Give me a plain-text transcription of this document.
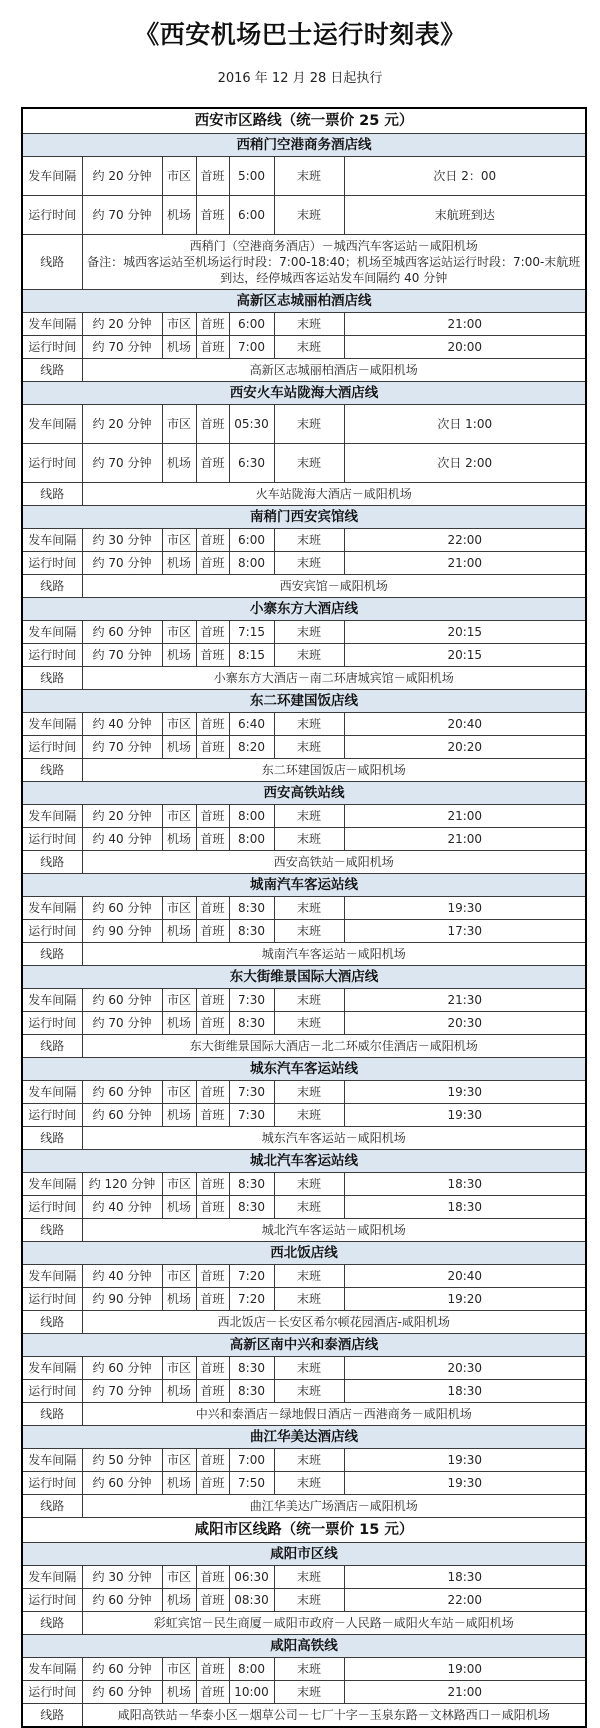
《西安机场巴士运行时刻表》
2016 年 12 月 28 日起执行
西安市区路线（统一票价 25 元）						
西稍门空港商务酒店线						
发车间隔	约 20 分钟	市区	首班	5:00	末班	次日 2：00
运行时间	约 70 分钟	机场	首班	6:00	末班	末航班到达
线路	西稍门（空港商务酒店）－城西汽车客运站－咸阳机场
备注：城西客运站至机场运行时段：7:00-18:40；机场至城西客运站运行时段：7:00-末航班到达，经停城西客运站发车间隔约 40 分钟					

高新区志城丽柏酒店线						
发车间隔	约 20 分钟	市区	首班	6:00	末班	21:00
运行时间	约 70 分钟	机场	首班	7:00	末班	20:00
线路	高新区志城丽柏酒店－咸阳机场					

西安火车站陇海大酒店线						
发车间隔	约 20 分钟	市区	首班	05:30	末班	次日 1:00
运行时间	约 70 分钟	机场	首班	6:30	末班	次日 2:00
线路	火车站陇海大酒店－咸阳机场					

南稍门西安宾馆线						
发车间隔	约 30 分钟	市区	首班	6:00	末班	22:00
运行时间	约 70 分钟	机场	首班	8:00	末班	21:00
线路	西安宾馆－咸阳机场					

小寨东方大酒店线						
发车间隔	约 60 分钟	市区	首班	7:15	末班	20:15
运行时间	约 70 分钟	机场	首班	8:15	末班	20:15
线路	小寨东方大酒店－南二环唐城宾馆－咸阳机场					

东二环建国饭店线						
发车间隔	约 40 分钟	市区	首班	6:40	末班	20:40
运行时间	约 70 分钟	机场	首班	8:20	末班	20:20
线路	东二环建国饭店－咸阳机场					

西安高铁站线						
发车间隔	约 20 分钟	市区	首班	8:00	末班	21:00
运行时间	约 40 分钟	机场	首班	8:00	末班	21:00
线路	西安高铁站－咸阳机场					

城南汽车客运站线						
发车间隔	约 60 分钟	市区	首班	8:30	末班	19:30
运行时间	约 90 分钟	机场	首班	8:30	末班	17:30
线路	城南汽车客运站－咸阳机场					

东大街维景国际大酒店线						
发车间隔	约 60 分钟	市区	首班	7:30	末班	21:30
运行时间	约 70 分钟	机场	首班	8:30	末班	20:30
线路	东大街维景国际大酒店－北二环威尔佳酒店－咸阳机场					

城东汽车客运站线						
发车间隔	约 60 分钟	市区	首班	7:30	末班	19:30
运行时间	约 60 分钟	机场	首班	7:30	末班	19:30
线路	城东汽车客运站－咸阳机场					

城北汽车客运站线						
发车间隔	约 120 分钟	市区	首班	8:30	末班	18:30
运行时间	约 40 分钟	机场	首班	8:30	末班	18:30
线路	城北汽车客运站－咸阳机场					

西北饭店线						
发车间隔	约 40 分钟	市区	首班	7:20	末班	20:40
运行时间	约 90 分钟	机场	首班	7:20	末班	19:20
线路	西北饭店－长安区希尔顿花园酒店-咸阳机场					

高新区南中兴和泰酒店线						
发车间隔	约 60 分钟	市区	首班	8:30	末班	20:30
运行时间	约 70 分钟	机场	首班	8:30	末班	18:30
线路	中兴和泰酒店－绿地假日酒店－西港商务－咸阳机场					

曲江华美达酒店线						
发车间隔	约 50 分钟	市区	首班	7:00	末班	19:30
运行时间	约 60 分钟	机场	首班	7:50	末班	19:30
线路	曲江华美达广场酒店－咸阳机场					

咸阳市区线路（统一票价 15 元）						
咸阳市区线						
发车间隔	约 30 分钟	市区	首班	06:30	末班	18:30
运行时间	约 60 分钟	机场	首班	08:30	末班	22:00
线路	彩虹宾馆－民生商厦－咸阳市政府－人民路－咸阳火车站－咸阳机场					

咸阳高铁线						
发车间隔	约 60 分钟	市区	首班	8:00	末班	19:00
运行时间	约 60 分钟	机场	首班	10:00	末班	21:00
线路	咸阳高铁站－华泰小区－烟草公司－七厂十字－玉泉东路－文林路西口－咸阳机场					
